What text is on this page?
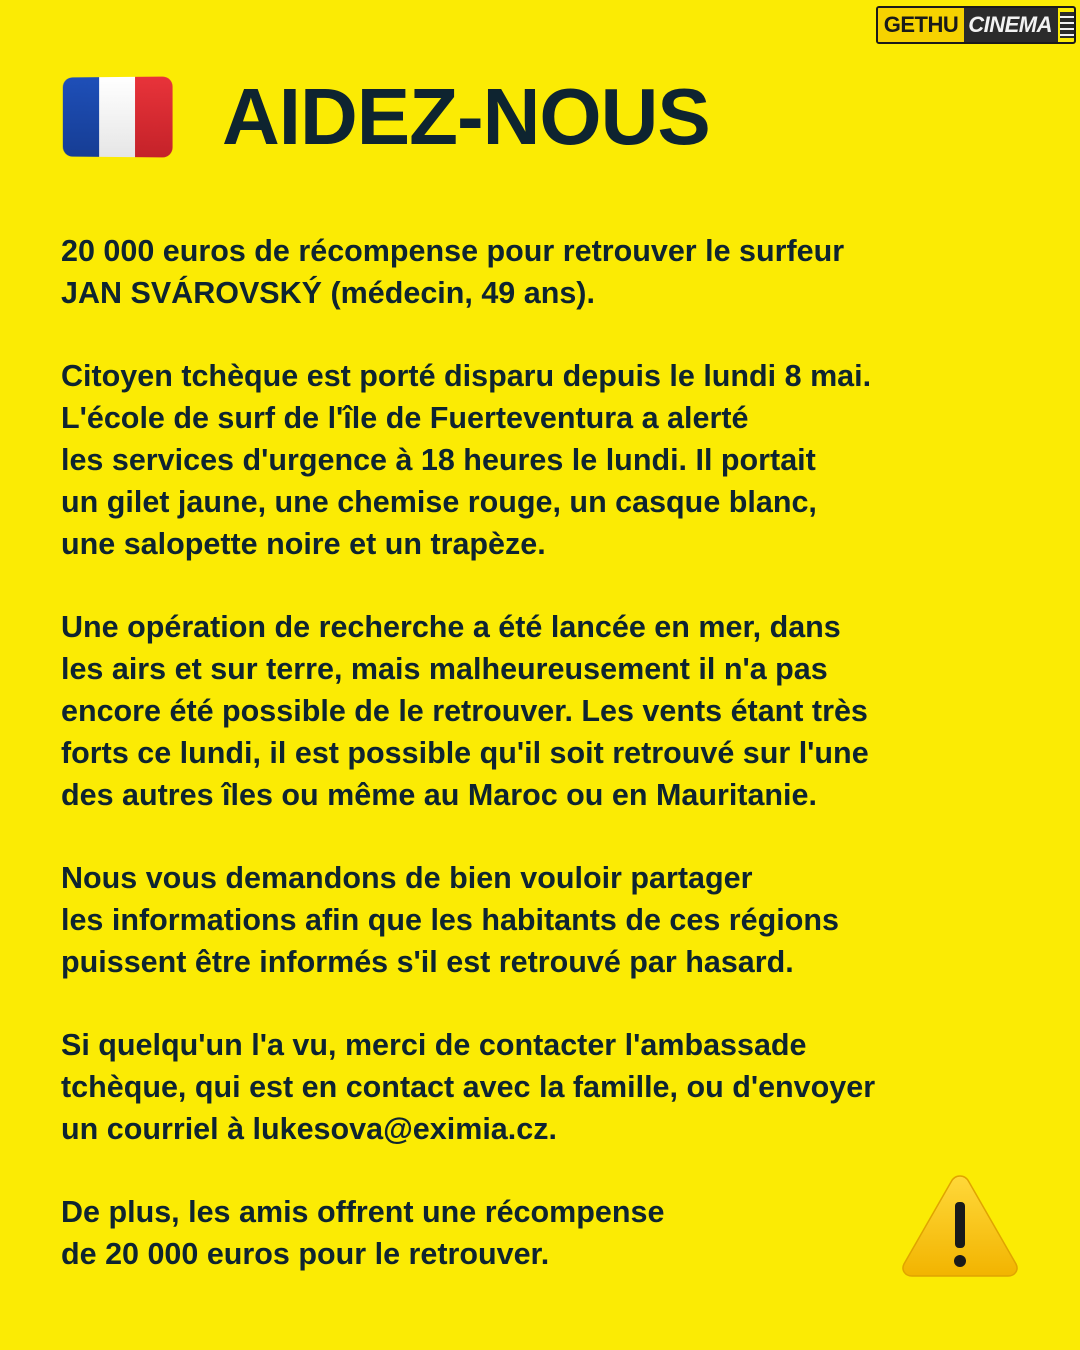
GETHU CINEMA
AIDEZ-NOUS
20 000 euros de récompense pour retrouver le surfeur
JAN SVÁROVSKÝ (médecin, 49 ans).
Citoyen tchèque est porté disparu depuis le lundi 8 mai.
L'école de surf de l'île de Fuerteventura a alerté
les services d'urgence à 18 heures le lundi. Il portait
un gilet jaune, une chemise rouge, un casque blanc,
une salopette noire et un trapèze.
Une opération de recherche a été lancée en mer, dans
les airs et sur terre, mais malheureusement il n'a pas
encore été possible de le retrouver. Les vents étant très
forts ce lundi, il est possible qu'il soit retrouvé sur l'une
des autres îles ou même au Maroc ou en Mauritanie.
Nous vous demandons de bien vouloir partager
les informations afin que les habitants de ces régions
puissent être informés s'il est retrouvé par hasard.
Si quelqu'un l'a vu, merci de contacter l'ambassade
tchèque, qui est en contact avec la famille, ou d'envoyer
un courriel à lukesova@eximia.cz.
De plus, les amis offrent une récompense
de 20 000 euros pour le retrouver.
